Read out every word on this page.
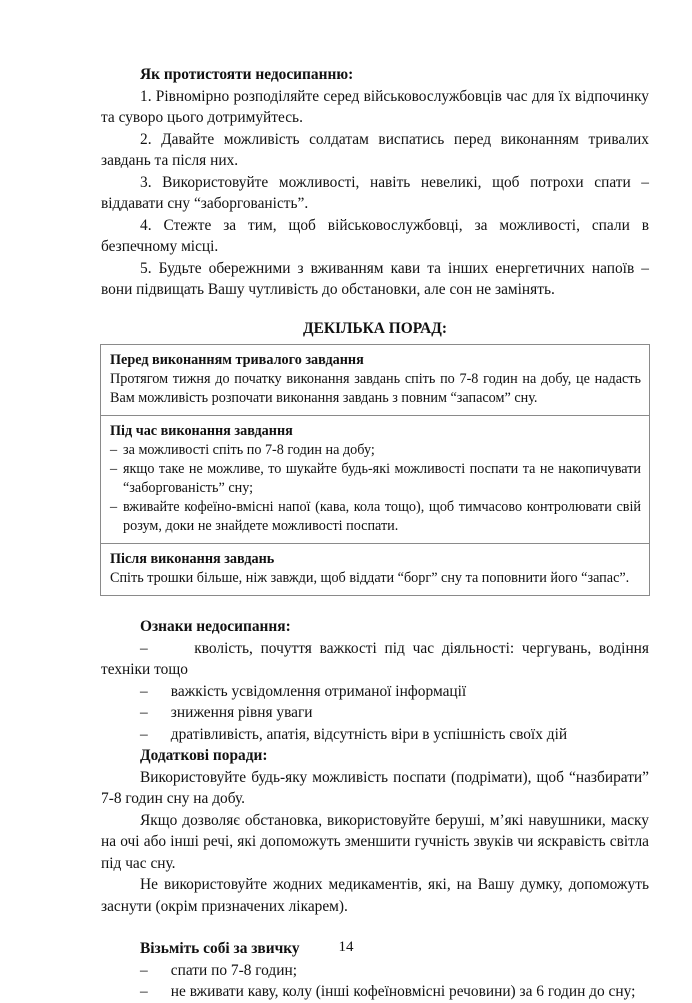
Як протистояти недосипанню:

1. Рівномірно розподіляйте серед військовослужбовців час для їх відпочинку та суворо цього дотримуйтесь.

2. Давайте можливість солдатам виспатись перед виконанням тривалих завдань та після них.

3. Використовуйте можливості, навіть невеликі, щоб потрохи спати – віддавати сну “заборгованість”.

4. Стежте за тим, щоб військовослужбовці, за можливості, спали в безпечному місці.

5. Будьте обережними з вживанням кави та інших енергетичних напоїв – вони підвищать Вашу чутливість до обстановки, але сон не замінять.

ДЕКІЛЬКА ПОРАД:

Перед виконанням тривалого завдання
Протягом тижня до початку виконання завдань спіть по 7-8 годин на добу, це надасть Вам можливість розпочати виконання завдань з повним “запасом” сну.
Під час виконання завдання
– за можливості спіть по 7-8 годин на добу;
– якщо таке не можливе, то шукайте будь-які можливості поспати та не накопичувати “заборгованість” сну;
– вживайте кофеїно-вмісні напої (кава, кола тощо), щоб тимчасово контролювати свій розум, доки не знайдете можливості поспати.
Після виконання завдань
Спіть трошки більше, ніж завжди, щоб віддати “борг” сну та поповнити його “запас”.

Ознаки недосипання:

–      кволість, почуття важкості під час діяльності: чергувань, водіння техніки тощо

–      важкість усвідомлення отриманої інформації

–      зниження рівня уваги

–      дратівливість, апатія, відсутність віри в успішність своїх дій

Додаткові поради:

Використовуйте будь-яку можливість поспати (подрімати), щоб “назбирати” 7-8 годин сну на добу.

Якщо дозволяє обстановка, використовуйте беруші, м’які навушники, маску на очі або інші речі, які допоможуть зменшити гучність звуків чи яскравість світла під час сну.

Не використовуйте жодних медикаментів, які, на Вашу думку, допоможуть заснути (окрім призначених лікарем).

Візьміть собі за звичку

–      спати по 7-8 годин;

–      не вживати каву, колу (інші кофеїновмісні речовини) за 6 годин до сну;

14
